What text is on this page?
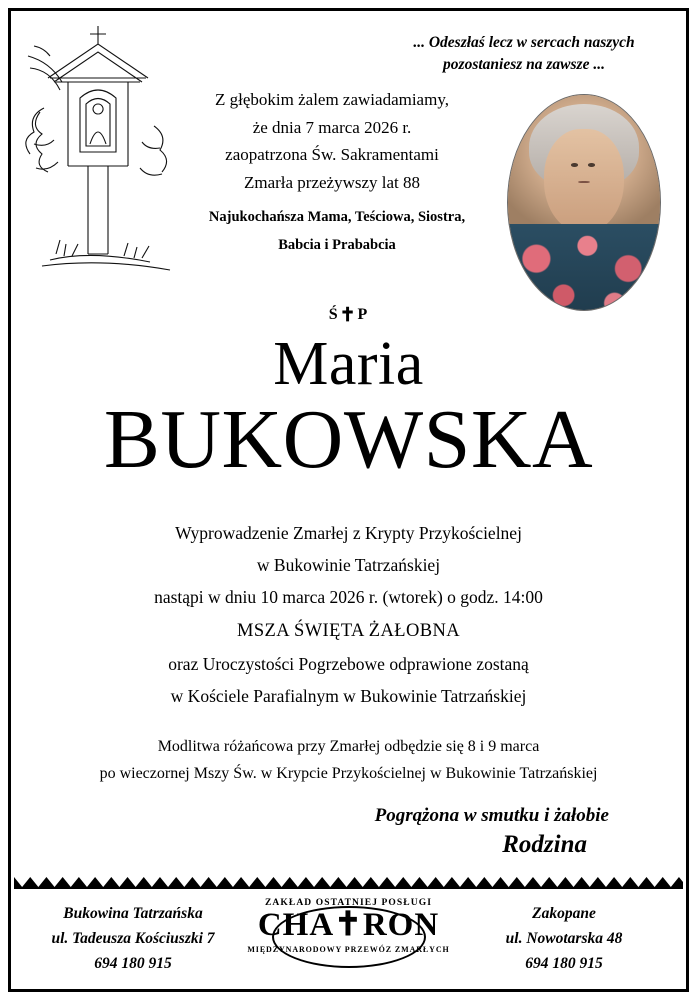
... Odeszłaś lecz w sercach naszych
pozostaniesz na zawsze ...
Z głębokim żalem zawiadamiamy,
że dnia 7 marca 2026 r.
zaopatrzona Św. Sakramentami
Zmarła przeżywszy lat 88
Najukochańsza Mama, Teściowa, Siostra,
Babcia i Prababcia
Ś✝P
Maria
BUKOWSKA
Wyprowadzenie Zmarłej z Krypty Przykościelnej
w Bukowinie Tatrzańskiej
nastąpi w dniu 10 marca 2026 r. (wtorek) o godz. 14:00
MSZA ŚWIĘTA ŻAŁOBNA
oraz Uroczystości Pogrzebowe odprawione zostaną
w Kościele Parafialnym w Bukowinie Tatrzańskiej
Modlitwa różańcowa przy Zmarłej odbędzie się 8 i 9 marca
po wieczornej Mszy Św. w Krypcie Przykościelnej w Bukowinie Tatrzańskiej
Pogrążona w smutku i żałobie
Rodzina
Bukowina Tatrzańska
ul. Tadeusza Kościuszki 7
694 180 915
ZAKŁAD OSTATNIEJ POSŁUGI
CHA✝RON
MIĘDZYNARODOWY PRZEWÓZ ZMARŁYCH
Zakopane
ul. Nowotarska 48
694 180 915
